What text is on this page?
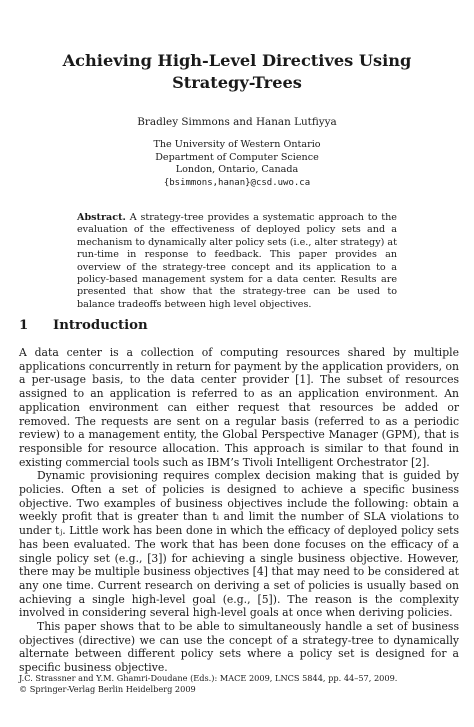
Achieving High-Level Directives Using
Strategy-Trees
Bradley Simmons and Hanan Lutfiyya
The University of Western Ontario
Department of Computer Science
London, Ontario, Canada
{bsimmons,hanan}@csd.uwo.ca
Abstract. A strategy-tree provides a systematic approach to the evaluation of the effectiveness of deployed policy sets and a mechanism to dynamically alter policy sets (i.e., alter strategy) at run-time in response to feedback. This paper provides an overview of the strategy-tree concept and its application to a policy-based management system for a data center. Results are presented that show that the strategy-tree can be used to balance tradeoffs between high level objectives.
1 Introduction

A data center is a collection of computing resources shared by multiple applications concurrently in return for payment by the application providers, on a per-usage basis, to the data center provider [1]. The subset of resources assigned to an application is referred to as an application environment. An application environment can either request that resources be added or removed. The requests are sent on a regular basis (referred to as a periodic review) to a management entity, the Global Perspective Manager (GPM), that is responsible for resource allocation. This approach is similar to that found in existing commercial tools such as IBM’s Tivoli Intelligent Orchestrator [2].

Dynamic provisioning requires complex decision making that is guided by policies. Often a set of policies is designed to achieve a specific business objective. Two examples of business objectives include the following: obtain a weekly profit that is greater than tᵢ and limit the number of SLA violations to under tⱼ. Little work has been done in which the efficacy of deployed policy sets has been evaluated. The work that has been done focuses on the efficacy of a single policy set (e.g., [3]) for achieving a single business objective. However, there may be multiple business objectives [4] that may need to be considered at any one time. Current research on deriving a set of policies is usually based on achieving a single high-level goal (e.g., [5]). The reason is the complexity involved in considering several high-level goals at once when deriving policies.

This paper shows that to be able to simultaneously handle a set of business objectives (directive) we can use the concept of a strategy-tree to dynamically alternate between different policy sets where a policy set is designed for a specific business objective.

J.C. Strassner and Y.M. Ghamri-Doudane (Eds.): MACE 2009, LNCS 5844, pp. 44–57, 2009.
© Springer-Verlag Berlin Heidelberg 2009
